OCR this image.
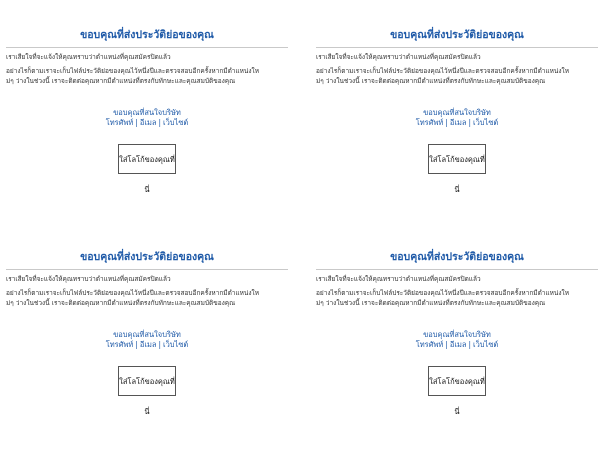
ขอบคุณที่ส่งประวัติย่อของคุณ

เราเสียใจที่จะแจ้งให้คุณทราบว่าตำแหน่งที่คุณสมัครปิดแล้ว

อย่างไรก็ตามเราจะเก็บไฟล์ประวัติย่อของคุณไว้หนึ่งปีและตรวจสอบอีกครั้งหากมีตำแหน่งให

ม่ๆ ว่างในช่วงนี้ เราจะติดต่อคุณหากมีตำแหน่งที่ตรงกับทักษะและคุณสมบัติของคุณ

ขอบคุณที่สนใจบริษัท
โทรศัพท์ | อีเมล | เว็บไซต์
ใส่โลโก้ของคุณที่นี่
ขอบคุณที่ส่งประวัติย่อของคุณ

เราเสียใจที่จะแจ้งให้คุณทราบว่าตำแหน่งที่คุณสมัครปิดแล้ว

อย่างไรก็ตามเราจะเก็บไฟล์ประวัติย่อของคุณไว้หนึ่งปีและตรวจสอบอีกครั้งหากมีตำแหน่งให

ม่ๆ ว่างในช่วงนี้ เราจะติดต่อคุณหากมีตำแหน่งที่ตรงกับทักษะและคุณสมบัติของคุณ

ขอบคุณที่สนใจบริษัท
โทรศัพท์ | อีเมล | เว็บไซต์
ใส่โลโก้ของคุณที่นี่
ขอบคุณที่ส่งประวัติย่อของคุณ

เราเสียใจที่จะแจ้งให้คุณทราบว่าตำแหน่งที่คุณสมัครปิดแล้ว

อย่างไรก็ตามเราจะเก็บไฟล์ประวัติย่อของคุณไว้หนึ่งปีและตรวจสอบอีกครั้งหากมีตำแหน่งให

ม่ๆ ว่างในช่วงนี้ เราจะติดต่อคุณหากมีตำแหน่งที่ตรงกับทักษะและคุณสมบัติของคุณ

ขอบคุณที่สนใจบริษัท
โทรศัพท์ | อีเมล | เว็บไซต์
ใส่โลโก้ของคุณที่นี่
ขอบคุณที่ส่งประวัติย่อของคุณ

เราเสียใจที่จะแจ้งให้คุณทราบว่าตำแหน่งที่คุณสมัครปิดแล้ว

อย่างไรก็ตามเราจะเก็บไฟล์ประวัติย่อของคุณไว้หนึ่งปีและตรวจสอบอีกครั้งหากมีตำแหน่งให

ม่ๆ ว่างในช่วงนี้ เราจะติดต่อคุณหากมีตำแหน่งที่ตรงกับทักษะและคุณสมบัติของคุณ

ขอบคุณที่สนใจบริษัท
โทรศัพท์ | อีเมล | เว็บไซต์
ใส่โลโก้ของคุณที่นี่
